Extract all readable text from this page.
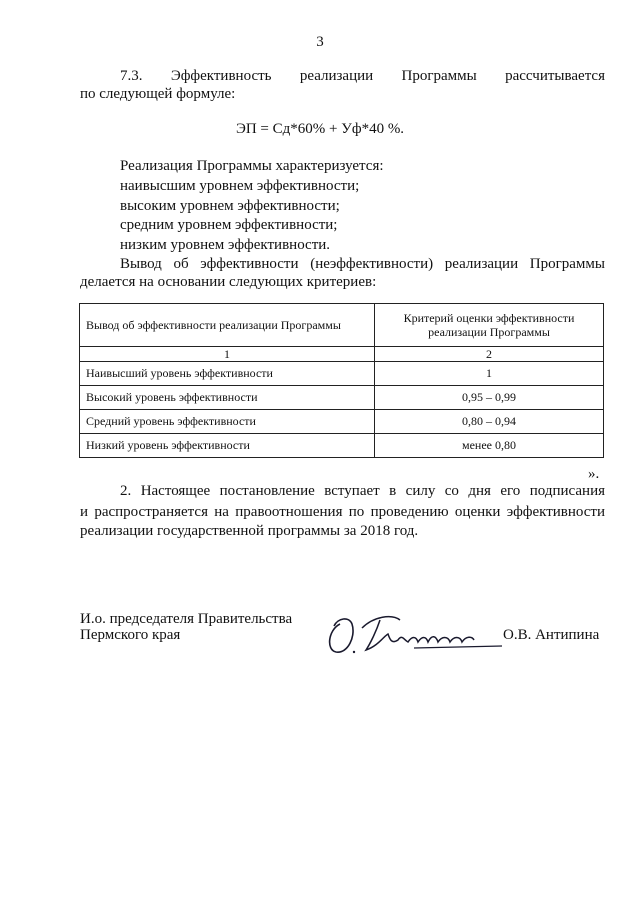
3
7.3. Эффективность реализации Программы рассчитывается
по следующей формуле:
ЭП = Сд*60% + Уф*40 %.
Реализация Программы характеризуется:
наивысшим уровнем эффективности;
высоким уровнем эффективности;
средним уровнем эффективности;
низким уровнем эффективности.
Вывод об эффективности (неэффективности) реализации Программы
делается на основании следующих критериев:
Вывод об эффективности реализации Программы	Критерий оценки эффективности реализации Программы
1	2
Наивысший уровень эффективности	1
Высокий уровень эффективности	0,95 – 0,99
Средний уровень эффективности	0,80 – 0,94
Низкий уровень эффективности	менее 0,80
».
2. Настоящее постановление вступает в силу со дня его подписания
и распространяется на правоотношения по проведению оценки эффективности
реализации государственной программы за 2018 год.
И.о. председателя Правительства
Пермского края	О.В. Антипина
